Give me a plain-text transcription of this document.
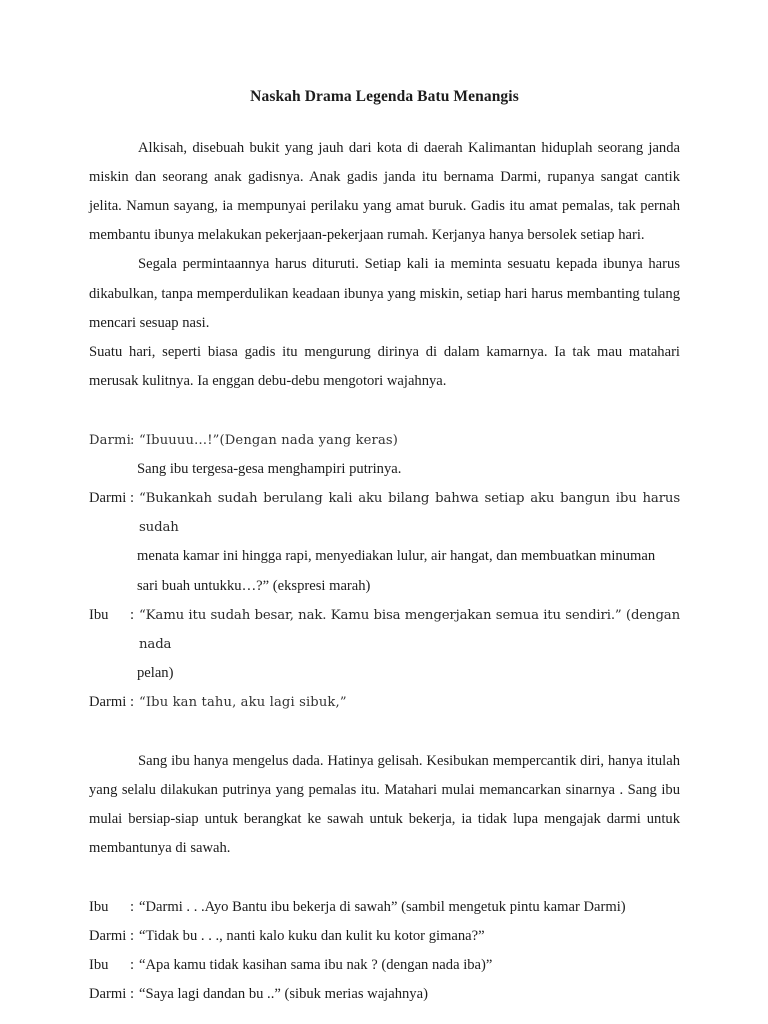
Naskah Drama Legenda Batu Menangis

Alkisah, disebuah bukit yang jauh dari kota di daerah Kalimantan hiduplah seorang janda miskin dan seorang anak gadisnya. Anak gadis janda itu bernama Darmi, rupanya sangat cantik jelita. Namun sayang, ia mempunyai perilaku yang amat buruk. Gadis itu amat pemalas, tak pernah membantu ibunya melakukan pekerjaan-pekerjaan rumah. Kerjanya hanya bersolek setiap hari.

Segala permintaannya harus dituruti. Setiap kali ia meminta sesuatu kepada ibunya harus dikabulkan, tanpa memperdulikan keadaan ibunya yang miskin, setiap hari harus membanting tulang mencari sesuap nasi.

Suatu hari, seperti biasa gadis itu mengurung dirinya di dalam kamarnya. Ia tak mau matahari merusak kulitnya. Ia enggan debu-debu mengotori wajahnya.

Darmi : “Ibuuuu…!”(Dengan nada yang keras)
Sang ibu tergesa-gesa menghampiri putrinya.
Darmi : “Bukankah sudah berulang kali aku bilang bahwa setiap aku bangun ibu harus sudah
menata kamar ini hingga rapi, menyediakan lulur, air hangat, dan membuatkan minuman
sari buah untukku…?” (ekspresi marah)
Ibu	: “Kamu itu sudah besar, nak. Kamu bisa mengerjakan semua itu sendiri.” (dengan nada
pelan)
Darmi : “Ibu kan tahu, aku lagi sibuk,”

Sang ibu hanya mengelus dada. Hatinya gelisah. Kesibukan mempercantik diri, hanya itulah yang selalu dilakukan putrinya yang pemalas itu. Matahari mulai memancarkan sinarnya . Sang ibu mulai bersiap-siap untuk berangkat ke sawah untuk bekerja, ia tidak lupa mengajak darmi untuk membantunya di sawah.

Ibu	: “Darmi . . .Ayo Bantu ibu bekerja di sawah” (sambil mengetuk pintu kamar Darmi)
Darmi : “Tidak bu . . ., nanti kalo kuku dan kulit ku kotor gimana?”
Ibu	: “Apa kamu tidak kasihan sama ibu nak ? (dengan nada iba)”
Darmi : “Saya lagi dandan bu ..” (sibuk merias wajahnya)
